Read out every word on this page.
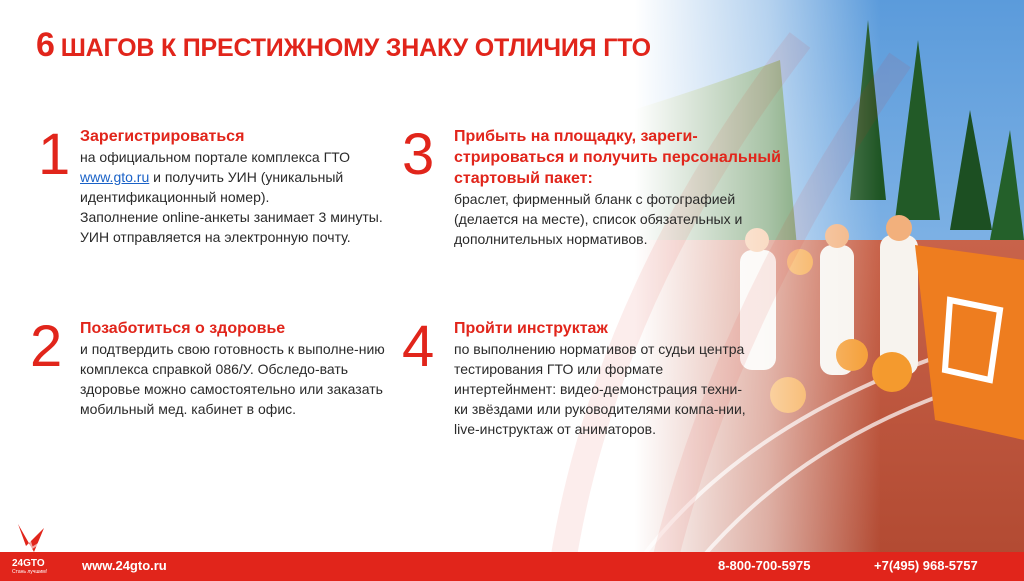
6 ШАГОВ К ПРЕСТИЖНОМУ ЗНАКУ ОТЛИЧИЯ ГТО
1 Зарегистрироваться

на официальном портале комплекса ГТО
www.gto.ru и получить УИН (уникальный идентификационный номер).
Заполнение online-анкеты занимает 3 минуты.
УИН отправляется на электронную почту.

2 Позаботиться о здоровье

и подтвердить свою готовность к выполне-нию комплекса справкой 086/У. Обследо-вать здоровье можно самостоятельно или заказать мобильный мед. кабинет в офис.

3 Прибыть на площадку, зареги-стрироваться и получить персональный стартовый пакет:

браслет, фирменный бланк с фотографией (делается на месте), список обязательных и дополнительных нормативов.

4 Пройти инструктаж

по выполнению нормативов от судьи центра тестирования ГТО или формате интертейнмент: видео-демонстрация техни-ки звёздами или руководителями компа-нии, live-инструктаж от аниматоров.

www.24gto.ru	8-800-700-5975	+7(495) 968-5757
24GTO
Стань лучшим!
